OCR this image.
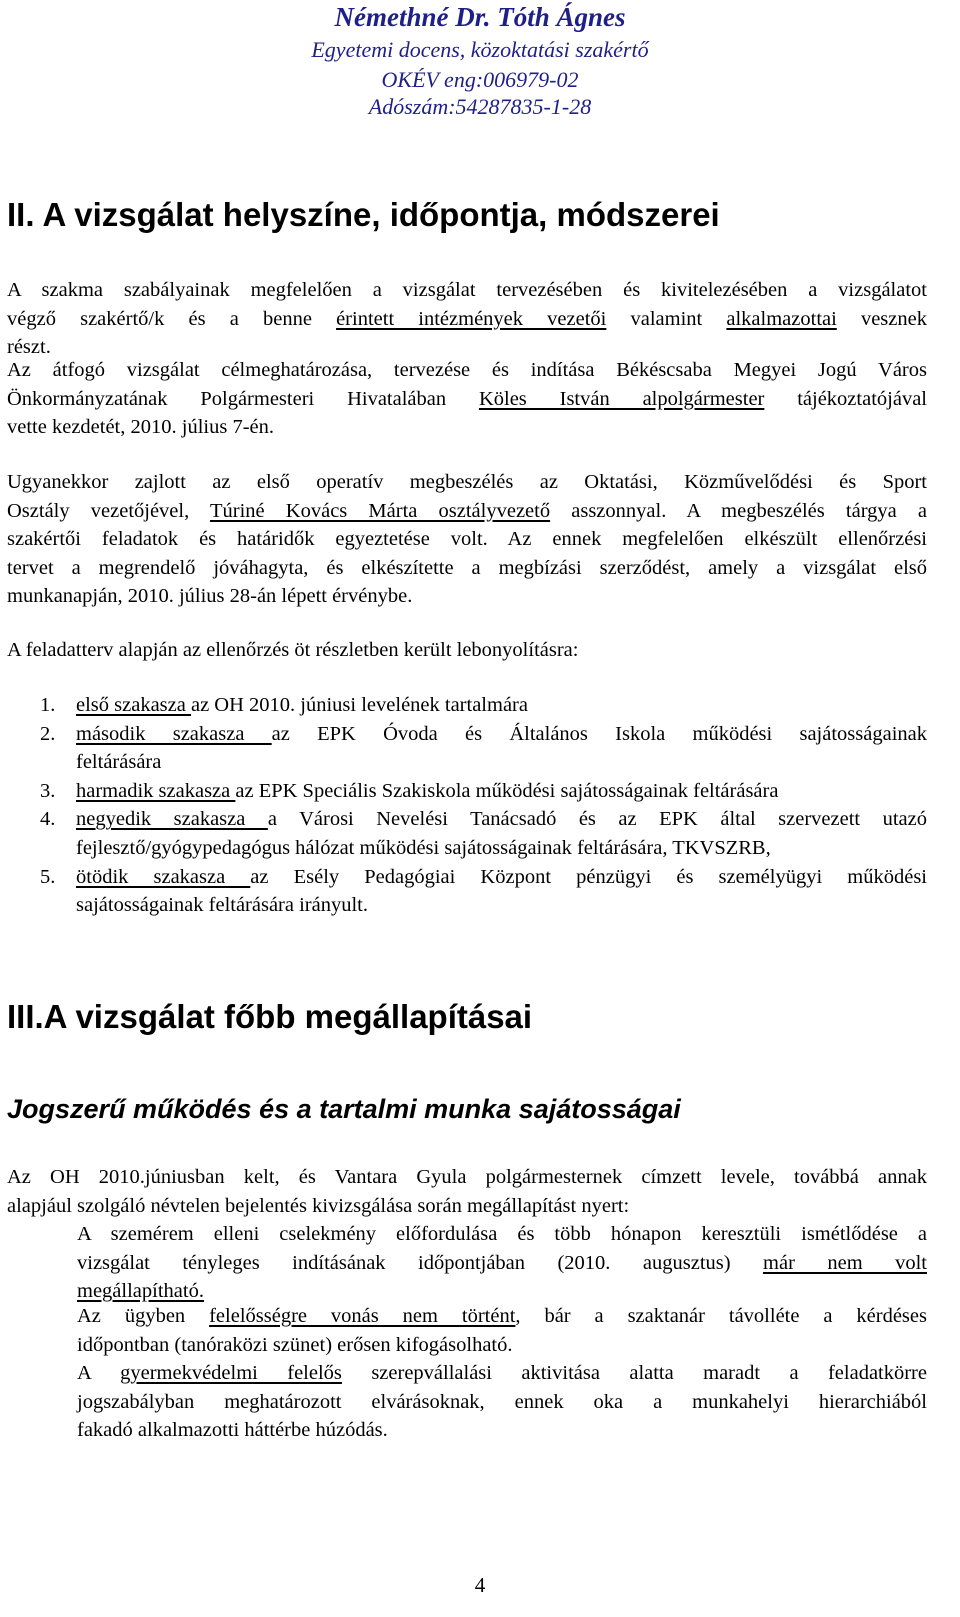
Némethné Dr. Tóth Ágnes
Egyetemi docens, közoktatási szakértő
OKÉV eng:006979-02
Adószám:54287835-1-28
II. A vizsgálat helyszíne, időpontja, módszerei
A szakma szabályainak megfelelően a vizsgálat tervezésében és kivitelezésében a vizsgálatot
végző szakértő/k és a benne érintett intézmények vezetői valamint alkalmazottai vesznek
részt.
Az átfogó vizsgálat célmeghatározása, tervezése és indítása Békéscsaba Megyei Jogú Város
Önkormányzatának Polgármesteri Hivatalában Köles István alpolgármester tájékoztatójával
vette kezdetét, 2010. július 7-én.
Ugyanekkor zajlott az első operatív megbeszélés az Oktatási, Közművelődési és Sport
Osztály vezetőjével, Túriné Kovács Márta osztályvezető asszonnyal. A megbeszélés tárgya a
szakértői feladatok és határidők egyeztetése volt. Az ennek megfelelően elkészült ellenőrzési
tervet a megrendelő jóváhagyta, és elkészítette a megbízási szerződést, amely a vizsgálat első
munkanapján, 2010. július 28-án lépett érvénybe.
A feladatterv alapján az ellenőrzés öt részletben került lebonyolításra:
1. első szakasza az OH 2010. júniusi levelének tartalmára
2. második szakasza az EPK Óvoda és Általános Iskola működési sajátosságainak
feltárására
3. harmadik szakasza az EPK Speciális Szakiskola működési sajátosságainak feltárására
4. negyedik szakasza a Városi Nevelési Tanácsadó és az EPK által szervezett utazó
fejlesztő/gyógypedagógus hálózat működési sajátosságainak feltárására, TKVSZRB,
5. ötödik szakasza az Esély Pedagógiai Központ pénzügyi és személyügyi működési
sajátosságainak feltárására irányult.
III.A vizsgálat főbb megállapításai
Jogszerű működés és a tartalmi munka sajátosságai
Az OH 2010.júniusban kelt, és Vantara Gyula polgármesternek címzett levele, továbbá annak
alapjául szolgáló névtelen bejelentés kivizsgálása során megállapítást nyert:
A szemérem elleni cselekmény előfordulása és több hónapon keresztüli ismétlődése a
vizsgálat tényleges indításának időpontjában (2010. augusztus) már nem volt
megállapítható.
Az ügyben felelősségre vonás nem történt, bár a szaktanár távolléte a kérdéses
időpontban (tanóraközi szünet) erősen kifogásolható.
A gyermekvédelmi felelős szerepvállalási aktivitása alatta maradt a feladatkörre
jogszabályban meghatározott elvárásoknak, ennek oka a munkahelyi hierarchiából
fakadó alkalmazotti háttérbe húzódás.
4
